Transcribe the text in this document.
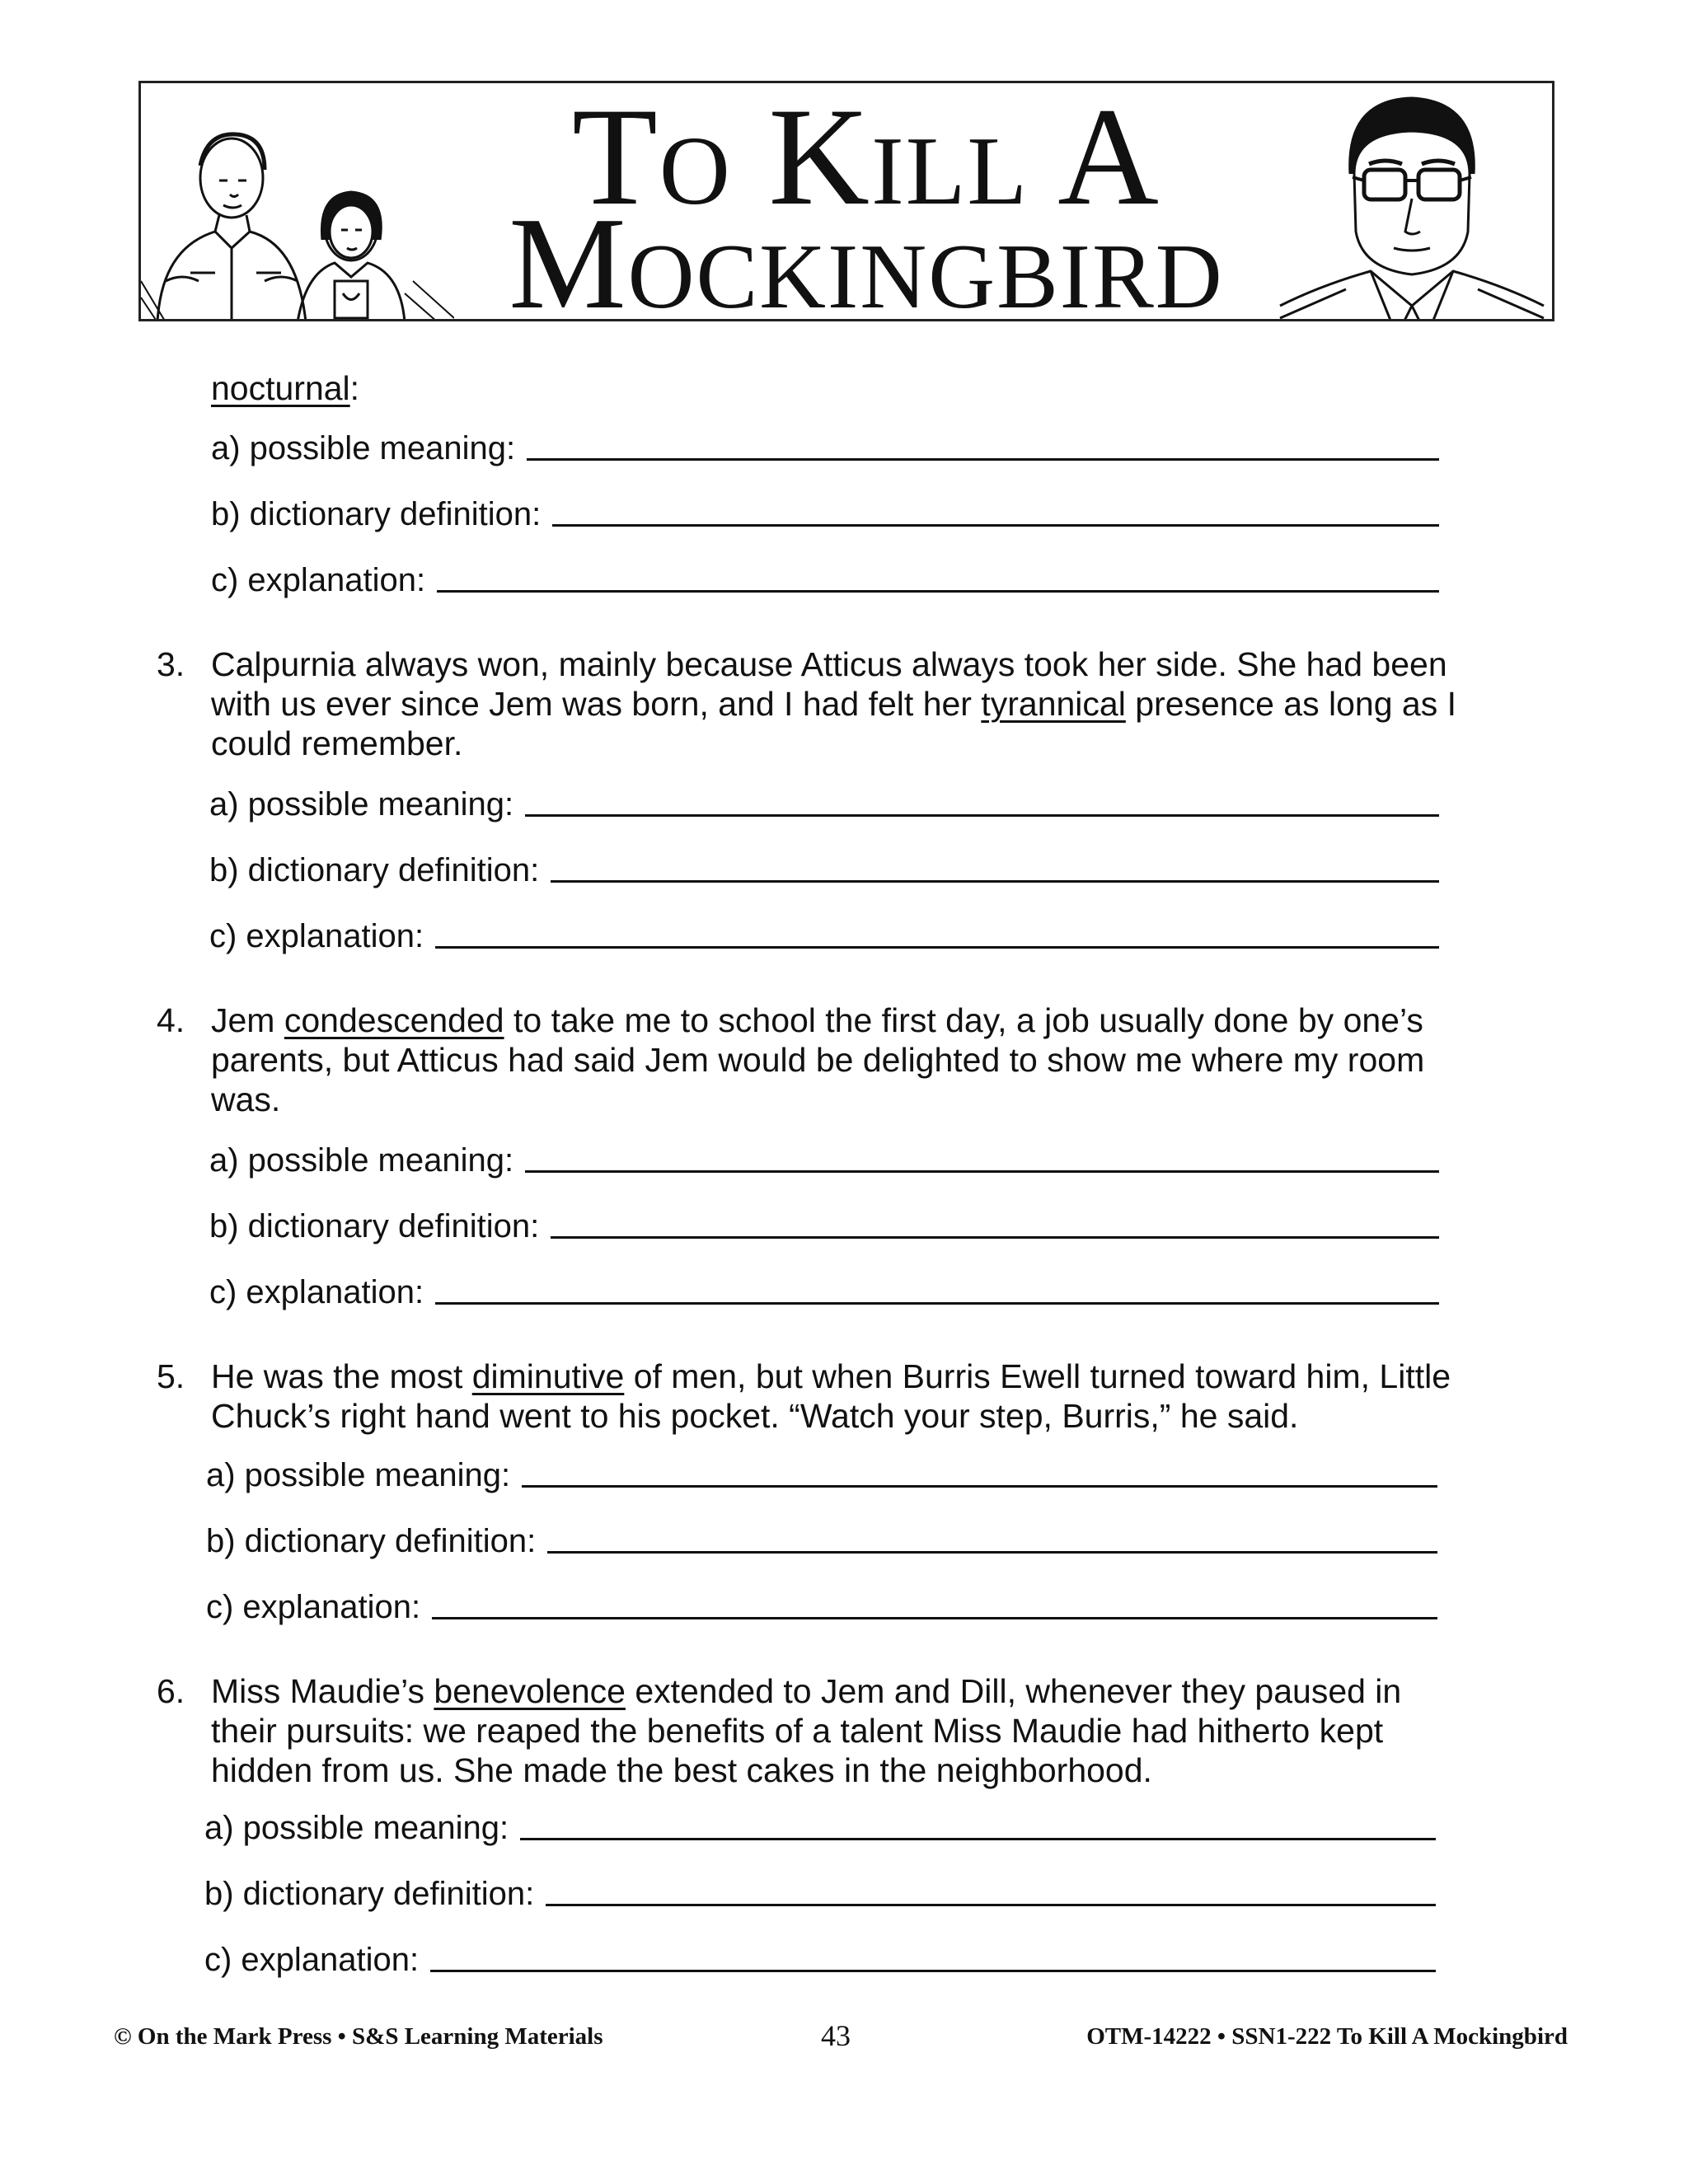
To Kill A
Mockingbird
nocturnal:
a) possible meaning:
b) dictionary definition:
c) explanation:
3. Calpurnia always won, mainly because Atticus always took her side. She had been with us ever since Jem was born, and I had felt her tyrannical presence as long as I could remember.
a) possible meaning:
b) dictionary definition:
c) explanation:
4. Jem condescended to take me to school the first day, a job usually done by one’s parents, but Atticus had said Jem would be delighted to show me where my room was.
a) possible meaning:
b) dictionary definition:
c) explanation:
5. He was the most diminutive of men, but when Burris Ewell turned toward him, Little Chuck’s right hand went to his pocket. “Watch your step, Burris,” he said.
a) possible meaning:
b) dictionary definition:
c) explanation:
6. Miss Maudie’s benevolence extended to Jem and Dill, whenever they paused in their pursuits: we reaped the benefits of a talent Miss Maudie had hitherto kept hidden from us. She made the best cakes in the neighborhood.
a) possible meaning:
b) dictionary definition:
c) explanation:
© On the Mark Press • S&S Learning Materials	43	OTM-14222 • SSN1-222 To Kill A Mockingbird
